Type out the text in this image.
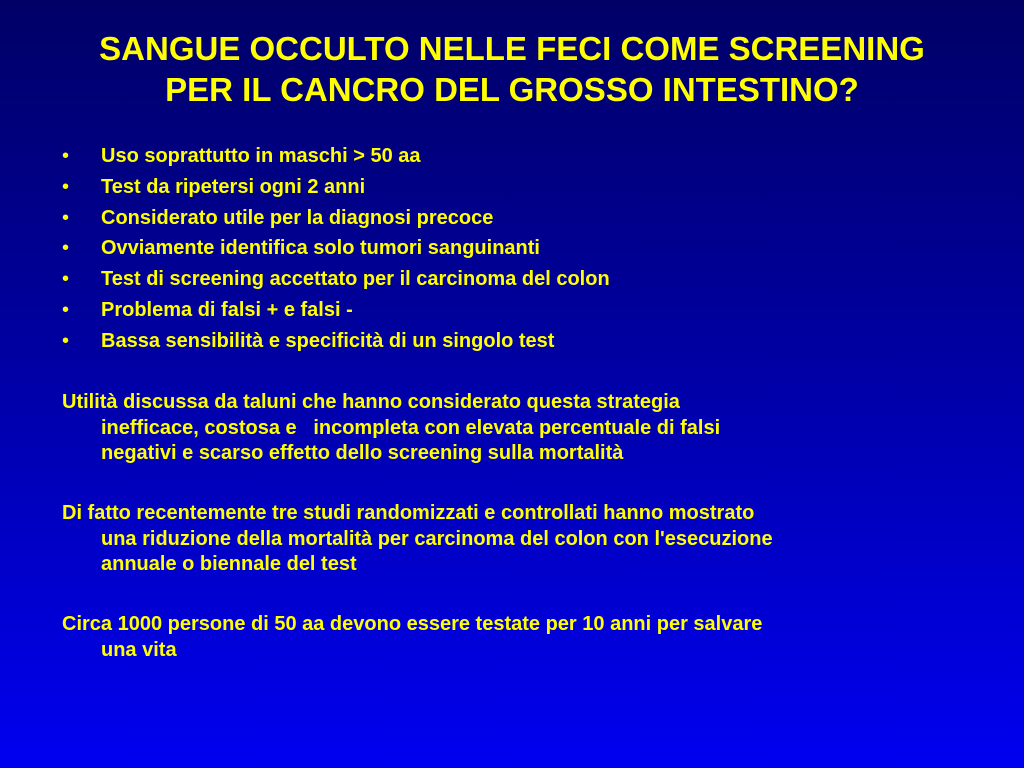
SANGUE OCCULTO NELLE FECI COME SCREENING
PER IL CANCRO DEL GROSSO INTESTINO?
• Uso soprattutto in maschi > 50 aa
• Test da ripetersi ogni 2 anni
• Considerato utile per la diagnosi precoce
• Ovviamente identifica solo tumori sanguinanti
• Test di screening accettato per il carcinoma del colon
• Problema di falsi + e falsi -
• Bassa sensibilità e specificità di un singolo test
Utilità discussa da taluni che hanno considerato questa strategia
inefficace, costosa e   incompleta con elevata percentuale di falsi
negativi e scarso effetto dello screening sulla mortalità
Di fatto recentemente tre studi randomizzati e controllati hanno mostrato
una riduzione della mortalità per carcinoma del colon con l'esecuzione
annuale o biennale del test
Circa 1000 persone di 50 aa devono essere testate per 10 anni per salvare
una vita
